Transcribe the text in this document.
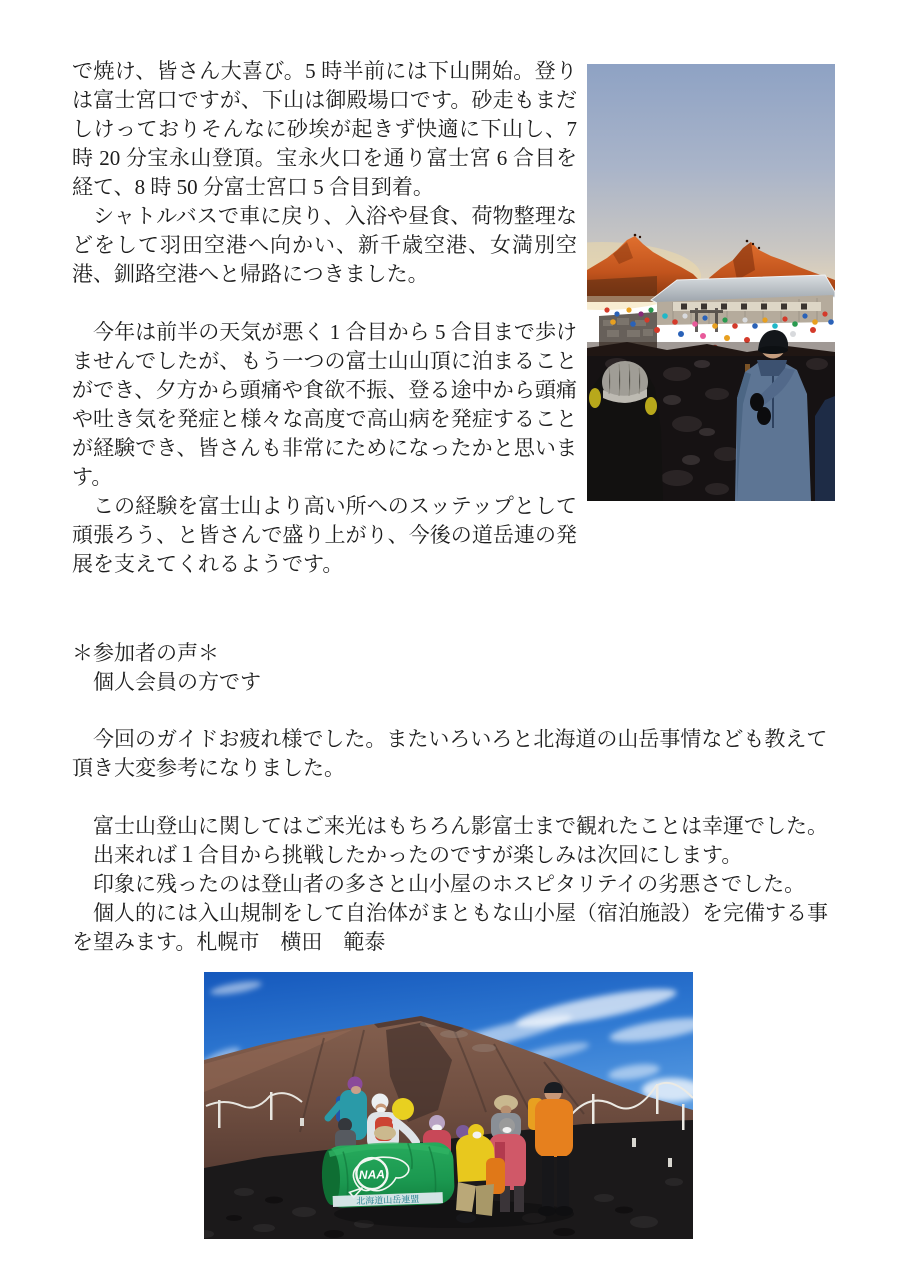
で焼け、皆さん大喜び。5 時半前には下山開始。登りは富士宮口ですが、下山は御殿場口です。砂走もまだしけっておりそんなに砂埃が起きず快適に下山し、7 時 20 分宝永山登頂。宝永火口を通り富士宮 6 合目を経て、8 時 50 分富士宮口 5 合目到着。

　シャトルバスで車に戻り、入浴や昼食、荷物整理などをして羽田空港へ向かい、新千歳空港、女満別空港、釧路空港へと帰路につきました。

　今年は前半の天気が悪く 1 合目から 5 合目まで歩けませんでしたが、もう一つの富士山山頂に泊まることができ、夕方から頭痛や食欲不振、登る途中から頭痛や吐き気を発症と様々な高度で高山病を発症することが経験でき、皆さんも非常にためになったかと思います。

　この経験を富士山より高い所へのスッテップとして頑張ろう、と皆さんで盛り上がり、今後の道岳連の発展を支えてくれるようです。

＊参加者の声＊

　個人会員の方です

　今回のガイドお疲れ様でした。またいろいろと北海道の山岳事情なども教えて頂き大変参考になりました。

　富士山登山に関してはご来光はもちろん影富士まで観れたことは幸運でした。

　出来れば１合目から挑戦したかったのですが楽しみは次回にします。

　印象に残ったのは登山者の多さと山小屋のホスピタリテイの劣悪さでした。

　個人的には入山規制をして自治体がまともな山小屋（宿泊施設）を完備する事を望みます。札幌市　横田　範泰

NAA
北海道山岳連盟
